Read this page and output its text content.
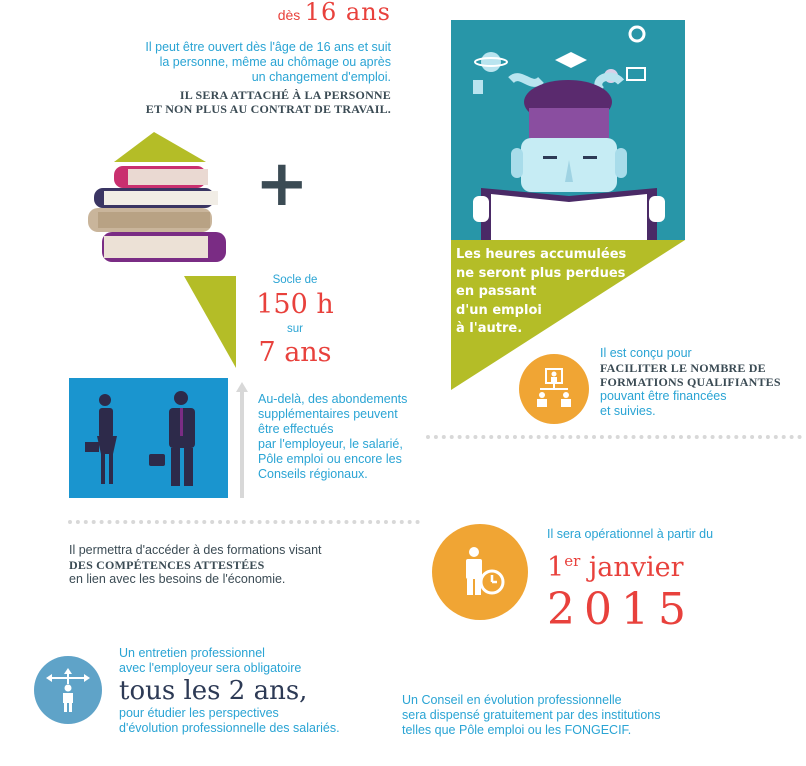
dès 16 ans
Il peut être ouvert dès l'âge de 16 ans et suit
la personne, même au chômage ou après
un changement d'emploi.
IL SERA ATTACHÉ À LA PERSONNE
ET NON PLUS AU CONTRAT DE TRAVAIL.
+
Socle de
150 h
sur
7 ans
Au-delà, des abondements
supplémentaires peuvent
être effectués
par l'employeur, le salarié,
Pôle emploi ou encore les
Conseils régionaux.
Les heures accumulées
ne seront plus perdues
en passant
d'un emploi
à l'autre.
Il est conçu pour
FACILITER LE NOMBRE DE
FORMATIONS QUALIFIANTES
pouvant être financées
et suivies.
Il permettra d'accéder à des formations visant
DES COMPÉTENCES ATTESTÉES
en lien avec les besoins de l'économie.
Il sera opérationnel à partir du
1er janvier
2015
Un entretien professionnel
avec l'employeur sera obligatoire
tous les 2 ans,
pour étudier les perspectives
d'évolution professionnelle des salariés.
Un Conseil en évolution professionnelle
sera dispensé gratuitement par des institutions
telles que Pôle emploi ou les FONGECIF.
